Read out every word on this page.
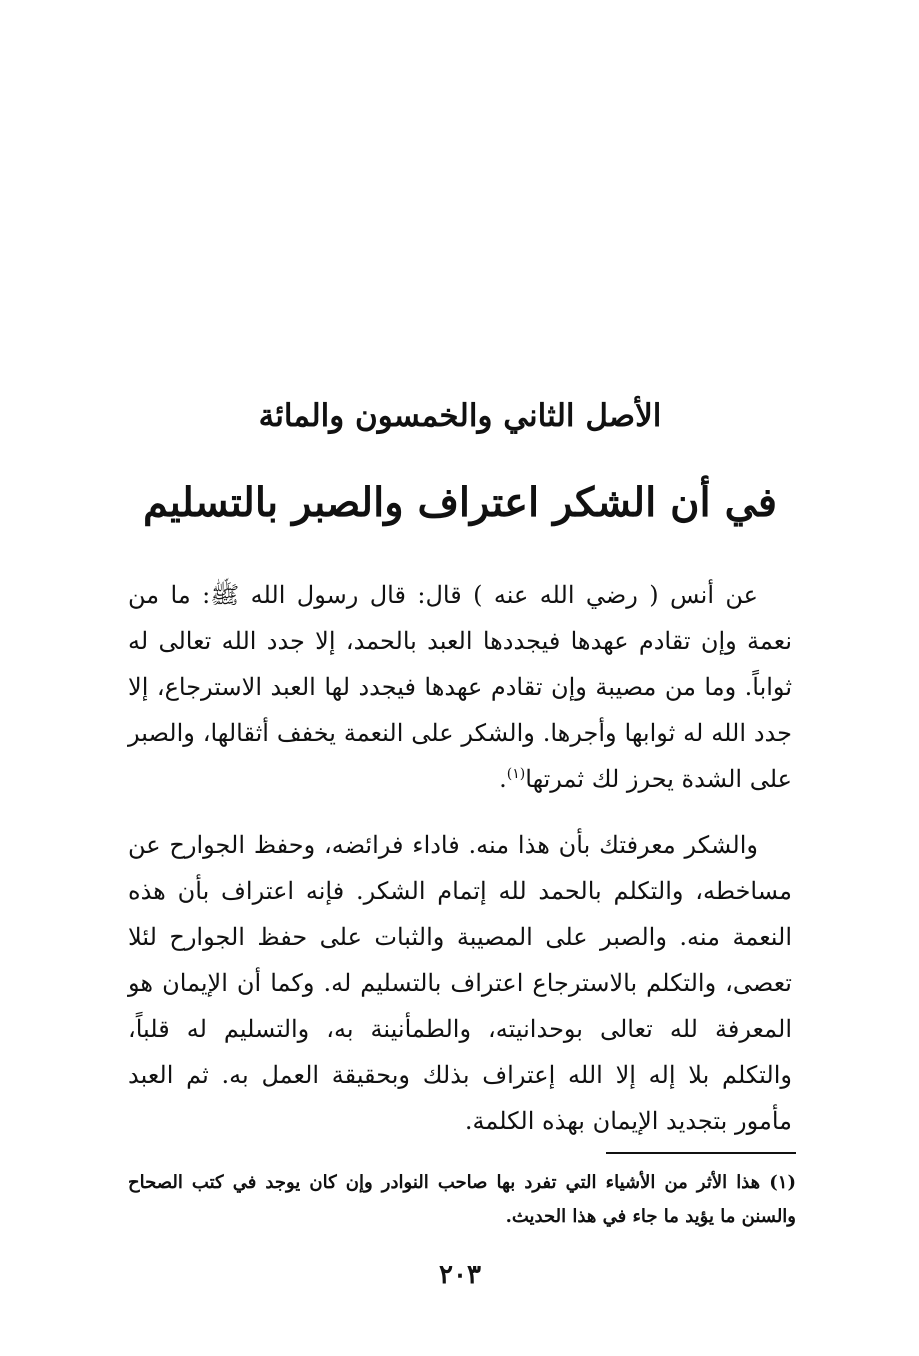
الأصل الثاني والخمسون والمائة
في أن الشكر اعتراف والصبر بالتسليم

عن أنس ( رضي الله عنه ) قال: قال رسول الله ﷺ: ما من نعمة وإن تقادم عهدها فيجددها العبد بالحمد، إلا جدد الله تعالى له ثواباً. وما من مصيبة وإن تقادم عهدها فيجدد لها العبد الاسترجاع، إلا جدد الله له ثوابها وأجرها. والشكر على النعمة يخفف أثقالها، والصبر على الشدة يحرز لك ثمرتها$^{(١)}$.

والشكر معرفتك بأن هذا منه. فاداء فرائضه، وحفظ الجوارح عن مساخطه، والتكلم بالحمد لله إتمام الشكر. فإنه اعتراف بأن هذه النعمة منه. والصبر على المصيبة والثبات على حفظ الجوارح لئلا تعصى، والتكلم بالاسترجاع اعتراف بالتسليم له. وكما أن الإيمان هو المعرفة لله تعالى بوحدانيته، والطمأنينة به، والتسليم له قلباً، والتكلم بلا إله إلا الله إعتراف بذلك وبحقيقة العمل به. ثم العبد مأمور بتجديد الإيمان بهذه الكلمة.

(١) هذا الأثر من الأشياء التي تفرد بها صاحب النوادر وإن كان يوجد في كتب الصحاح والسنن ما يؤيد ما جاء في هذا الحديث.

٢٠٣
